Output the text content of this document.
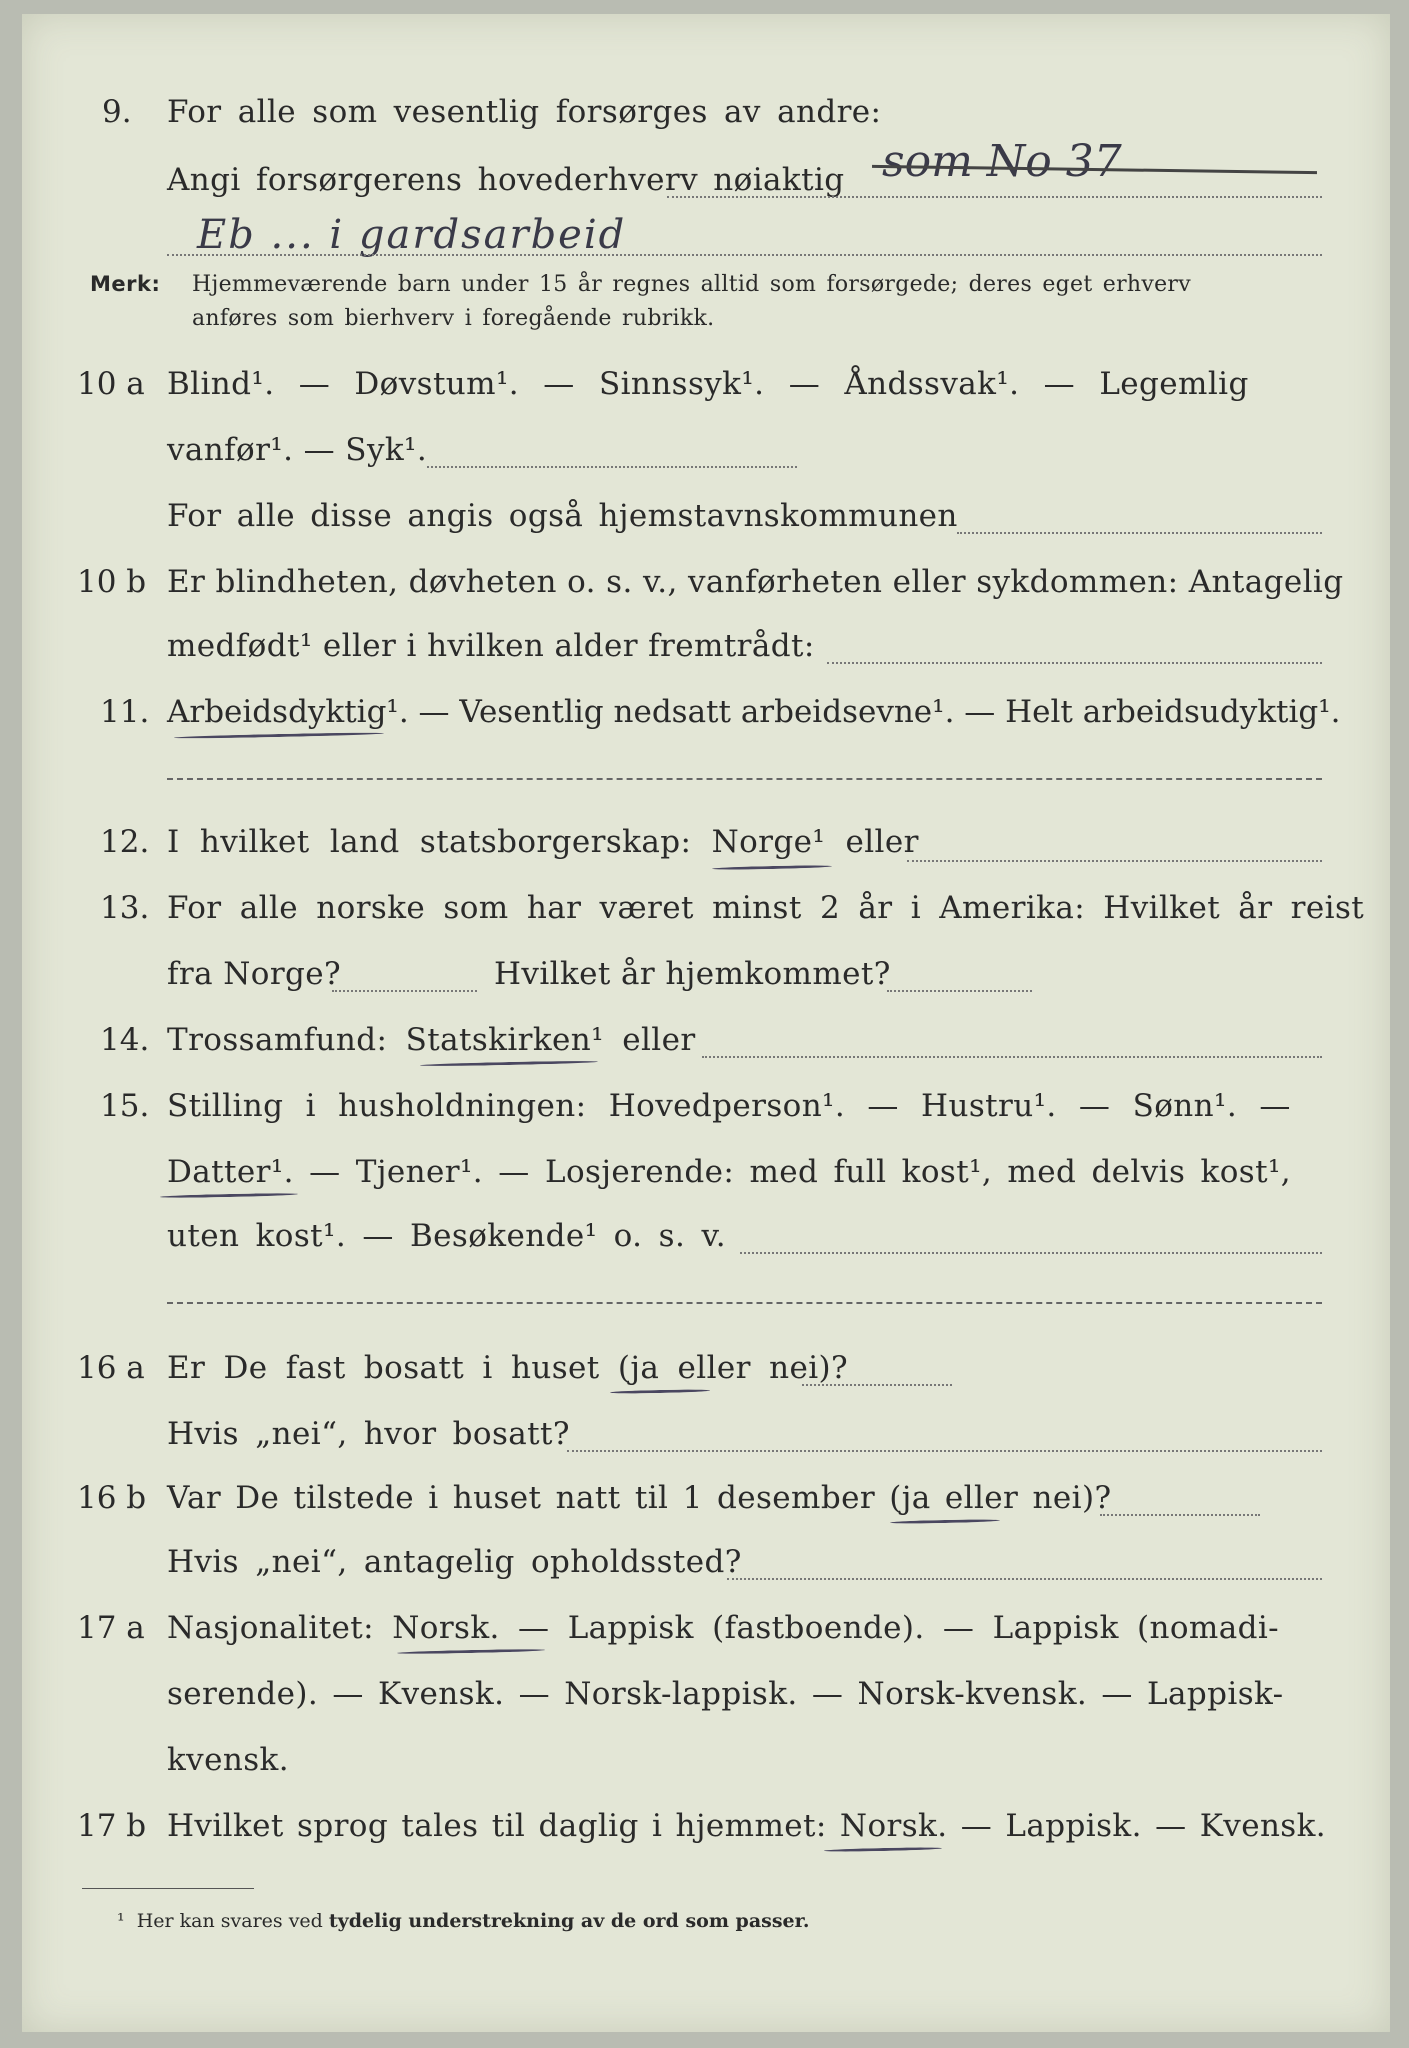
9. For alle som vesentlig forsørges av andre:
Angi forsørgerens hovederhverv nøiaktig som No 37
Eb ... i gardsarbeid
Merk: Hjemmeværende barn under 15 år regnes alltid som forsørgede; deres eget erhverv
anføres som bierhverv i foregående rubrikk.
10 a Blind¹. — Døvstum¹. — Sinnssyk¹. — Åndssvak¹. — Legemlig
vanfør¹. — Syk¹.
For alle disse angis også hjemstavnskommunen
10 b Er blindheten, døvheten o. s. v., vanførheten eller sykdommen: Antagelig
medfødt¹ eller i hvilken alder fremtrådt:
11. Arbeidsdyktig¹. — Vesentlig nedsatt arbeidsevne¹. — Helt arbeidsudyktig¹.
12. I hvilket land statsborgerskap: Norge¹ eller
13. For alle norske som har været minst 2 år i Amerika: Hvilket år reist
fra Norge?	Hvilket år hjemkommet?
14. Trossamfund: Statskirken¹ eller
15. Stilling i husholdningen: Hovedperson¹. — Hustru¹. — Sønn¹. —
Datter¹. — Tjener¹. — Losjerende: med full kost¹, med delvis kost¹,
uten kost¹. — Besøkende¹ o. s. v.
16 a Er De fast bosatt i huset (ja eller nei)?
Hvis „nei“, hvor bosatt?
16 b Var De tilstede i huset natt til 1 desember (ja eller nei)?
Hvis „nei“, antagelig opholdssted?
17 a Nasjonalitet: Norsk. — Lappisk (fastboende). — Lappisk (nomadi-
serende). — Kvensk. — Norsk-lappisk. — Norsk-kvensk. — Lappisk-
kvensk.
17 b Hvilket sprog tales til daglig i hjemmet: Norsk. — Lappisk. — Kvensk.
¹ Her kan svares ved tydelig understrekning av de ord som passer.
